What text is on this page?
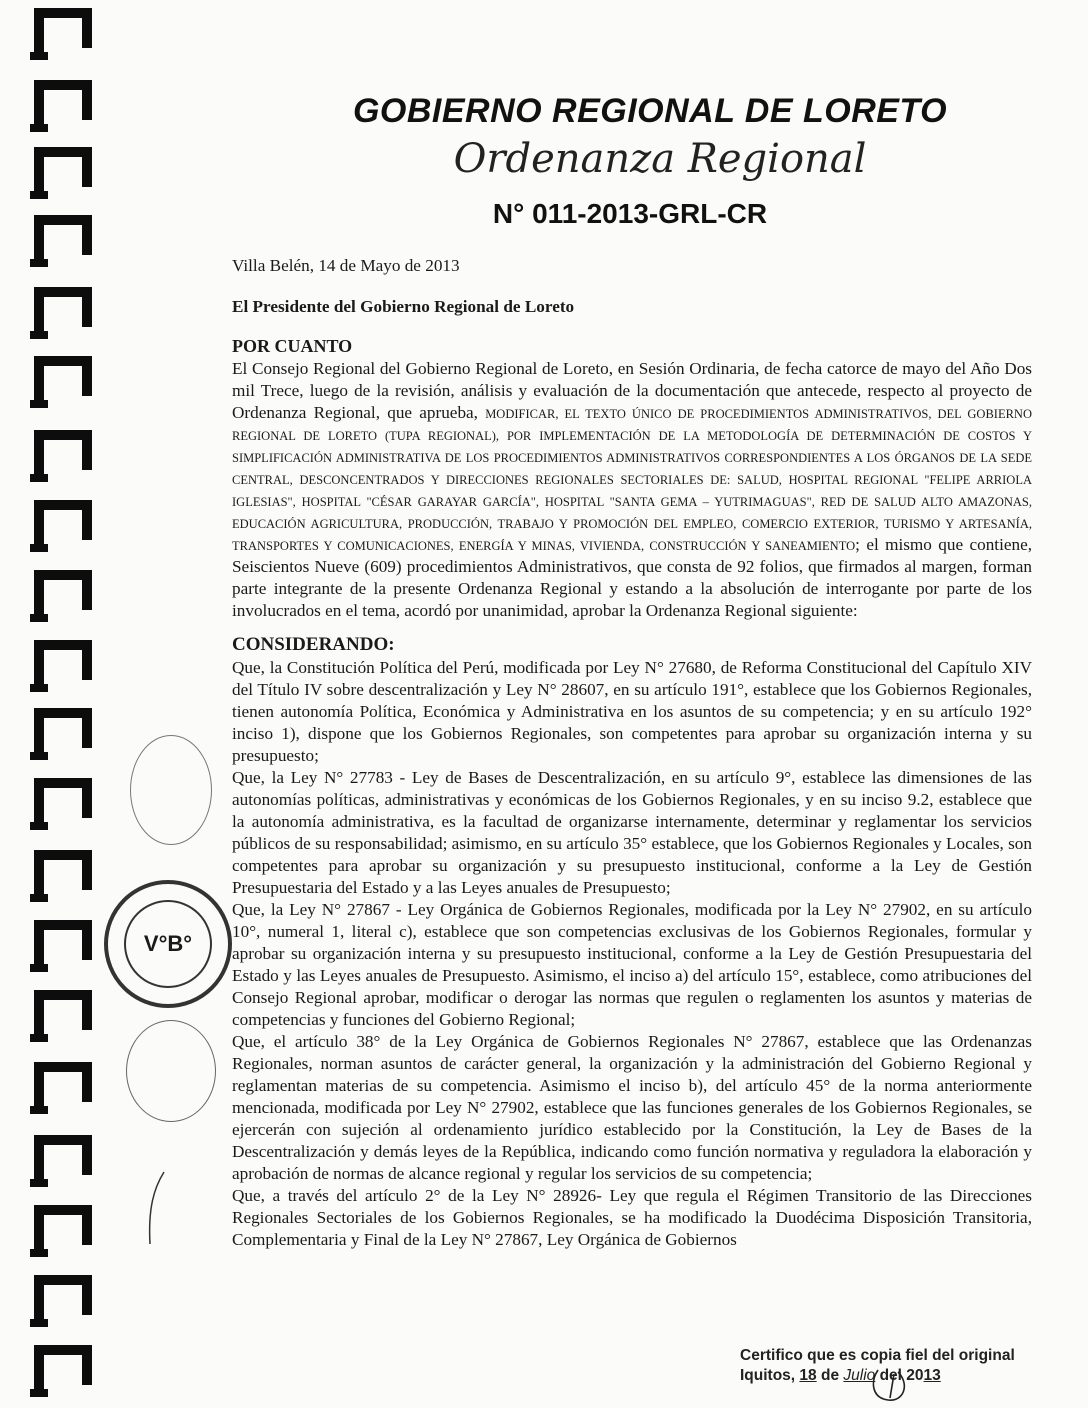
GOBIERNO REGIONAL DE LORETO
Ordenanza Regional
N° 011-2013-GRL-CR
Villa Belén, 14 de Mayo de 2013
El Presidente del Gobierno Regional de Loreto
POR CUANTO
El Consejo Regional del Gobierno Regional de Loreto, en Sesión Ordinaria, de fecha catorce de mayo del Año Dos mil Trece, luego de la revisión, análisis y evaluación de la documentación que antecede, respecto al proyecto de Ordenanza Regional, que aprueba, MODIFICAR, EL TEXTO ÚNICO DE PROCEDIMIENTOS ADMINISTRATIVOS, DEL GOBIERNO REGIONAL DE LORETO (TUPA REGIONAL), POR IMPLEMENTACIÓN DE LA METODOLOGÍA DE DETERMINACIÓN DE COSTOS Y SIMPLIFICACIÓN ADMINISTRATIVA DE LOS PROCEDIMIENTOS ADMINISTRATIVOS CORRESPONDIENTES A LOS ÓRGANOS DE LA SEDE CENTRAL, DESCONCENTRADOS Y DIRECCIONES REGIONALES SECTORIALES DE: SALUD, HOSPITAL REGIONAL "FELIPE ARRIOLA IGLESIAS", HOSPITAL "CÉSAR GARAYAR GARCÍA", HOSPITAL "SANTA GEMA – YUTRIMAGUAS", RED DE SALUD ALTO AMAZONAS, EDUCACIÓN AGRICULTURA, PRODUCCIÓN, TRABAJO Y PROMOCIÓN DEL EMPLEO, COMERCIO EXTERIOR, TURISMO Y ARTESANÍA, TRANSPORTES Y COMUNICACIONES, ENERGÍA Y MINAS, VIVIENDA, CONSTRUCCIÓN Y SANEAMIENTO; el mismo que contiene, Seiscientos Nueve (609) procedimientos Administrativos, que consta de 92 folios, que firmados al margen, forman parte integrante de la presente Ordenanza Regional y estando a la absolución de interrogante por parte de los involucrados en el tema, acordó por unanimidad, aprobar la Ordenanza Regional siguiente:
CONSIDERANDO:

Que, la Constitución Política del Perú, modificada por Ley N° 27680, de Reforma Constitucional del Capítulo XIV del Título IV sobre descentralización y Ley N° 28607, en su artículo 191°, establece que los Gobiernos Regionales, tienen autonomía Política, Económica y Administrativa en los asuntos de su competencia; y en su artículo 192° inciso 1), dispone que los Gobiernos Regionales, son competentes para aprobar su organización interna y su presupuesto;

Que, la Ley N° 27783 - Ley de Bases de Descentralización, en su artículo 9°, establece las dimensiones de las autonomías políticas, administrativas y económicas de los Gobiernos Regionales, y en su inciso 9.2, establece que la autonomía administrativa, es la facultad de organizarse internamente, determinar y reglamentar los servicios públicos de su responsabilidad; asimismo, en su artículo 35° establece, que los Gobiernos Regionales y Locales, son competentes para aprobar su organización y su presupuesto institucional, conforme a la Ley de Gestión Presupuestaria del Estado y a las Leyes anuales de Presupuesto;

Que, la Ley N° 27867 - Ley Orgánica de Gobiernos Regionales, modificada por la Ley N° 27902, en su artículo 10°, numeral 1, literal c), establece que son competencias exclusivas de los Gobiernos Regionales, formular y aprobar su organización interna y su presupuesto institucional, conforme a la Ley de Gestión Presupuestaria del Estado y las Leyes anuales de Presupuesto. Asimismo, el inciso a) del artículo 15°, establece, como atribuciones del Consejo Regional aprobar, modificar o derogar las normas que regulen o reglamenten los asuntos y materias de competencias y funciones del Gobierno Regional;

Que, el artículo 38° de la Ley Orgánica de Gobiernos Regionales N° 27867, establece que las Ordenanzas Regionales, norman asuntos de carácter general, la organización y la administración del Gobierno Regional y reglamentan materias de su competencia. Asimismo el inciso b), del artículo 45° de la norma anteriormente mencionada, modificada por Ley N° 27902, establece que las funciones generales de los Gobiernos Regionales, se ejercerán con sujeción al ordenamiento jurídico establecido por la Constitución, la Ley de Bases de la Descentralización y demás leyes de la República, indicando como función normativa y reguladora la elaboración y aprobación de normas de alcance regional y regular los servicios de su competencia;

Que, a través del artículo 2° de la Ley N° 28926- Ley que regula el Régimen Transitorio de las Direcciones Regionales Sectoriales de los Gobiernos Regionales, se ha modificado la Duodécima Disposición Transitoria, Complementaria y Final de la Ley N° 27867, Ley Orgánica de Gobiernos

V°B°
Certifico que es copia fiel del original
Iquitos, 18 de Julio del 2013
